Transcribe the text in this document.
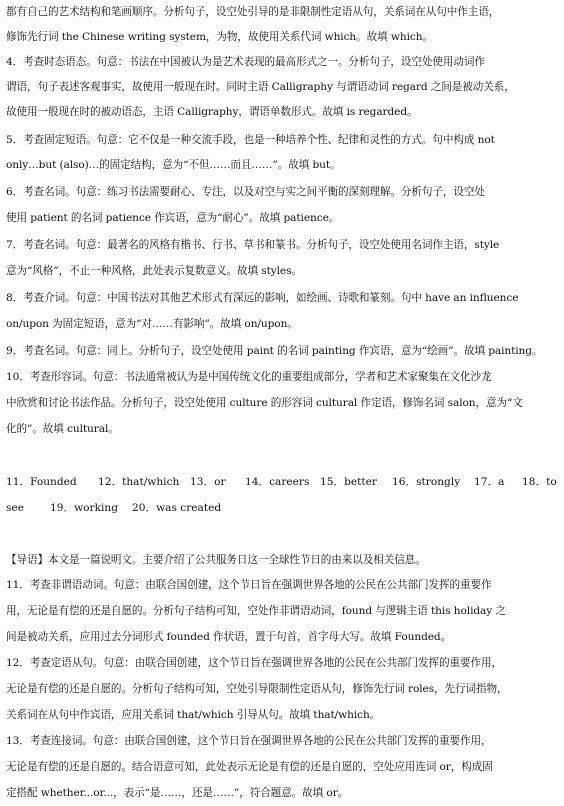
都有自己的艺术结构和笔画顺序。分析句子，设空处引导的是非限制性定语从句，关系词在从句中作主语，
修饰先行词 the Chinese writing system，为物，故使用关系代词 which。故填 which。
4．考查时态语态。句意：书法在中国被认为是艺术表现的最高形式之一。分析句子，设空处使用动词作
谓语，句子表述客观事实，故使用一般现在时。同时主语 Calligraphy 与谓语动词 regard 之间是被动关系，
故使用一般现在时的被动语态，主语 Calligraphy，谓语单数形式。故填 is regarded。
5．考查固定短语。句意：它不仅是一种交流手段，也是一种培养个性、纪律和灵性的方式。句中构成 not
only…but (also)…的固定结构，意为“不但……而且……”。故填 but。
6．考查名词。句意：练习书法需要耐心、专注，以及对空与实之间平衡的深刻理解。分析句子，设空处
使用 patient 的名词 patience 作宾语，意为“耐心”。故填 patience。
7．考查名词。句意：最著名的风格有楷书、行书、草书和篆书。分析句子，设空处使用名词作主语，style
意为“风格”，不止一种风格，此处表示复数意义。故填 styles。
8．考查介词。句意：中国书法对其他艺术形式有深远的影响，如绘画、诗歌和篆刻。句中 have an influence
on/upon 为固定短语，意为“对……有影响”。故填 on/upon。
9．考查名词。句意：同上。分析句子，设空处使用 paint 的名词 painting 作宾语，意为“绘画”。故填 painting。
10．考查形容词。句意：书法通常被认为是中国传统文化的重要组成部分，学者和艺术家聚集在文化沙龙
中欣赏和讨论书法作品。分析句子，设空处使用 culture 的形容词 cultural 作定语，修饰名词 salon，意为“文
化的”。故填 cultural。
11．Founded 12．that/which 13．or 14．careers 15．better 16．strongly 17．a 18．to
see 19．working 20．was created
【导语】本文是一篇说明文。主要介绍了公共服务日这一全球性节日的由来以及相关信息。
11．考查非谓语动词。句意：由联合国创建，这个节日旨在强调世界各地的公民在公共部门发挥的重要作
用，无论是有偿的还是自愿的。分析句子结构可知，空处作非谓语动词，found 与逻辑主语 this holiday 之
间是被动关系，应用过去分词形式 founded 作状语，置于句首，首字母大写。故填 Founded。
12．考查定语从句。句意：由联合国创建，这个节日旨在强调世界各地的公民在公共部门发挥的重要作用，
无论是有偿的还是自愿的。分析句子结构可知，空处引导限制性定语从句，修饰先行词 roles，先行词指物，
关系词在从句中作宾语，应用关系词 that/which 引导从句。故填 that/which。
13．考查连接词。句意：由联合国创建，这个节日旨在强调世界各地的公民在公共部门发挥的重要作用，
无论是有偿的还是自愿的。结合语意可知，此处表示无论是有偿的还是自愿的，空处应用连词 or，构成固
定搭配 whether...or...，表示“是……，还是……”，符合题意。故填 or。
